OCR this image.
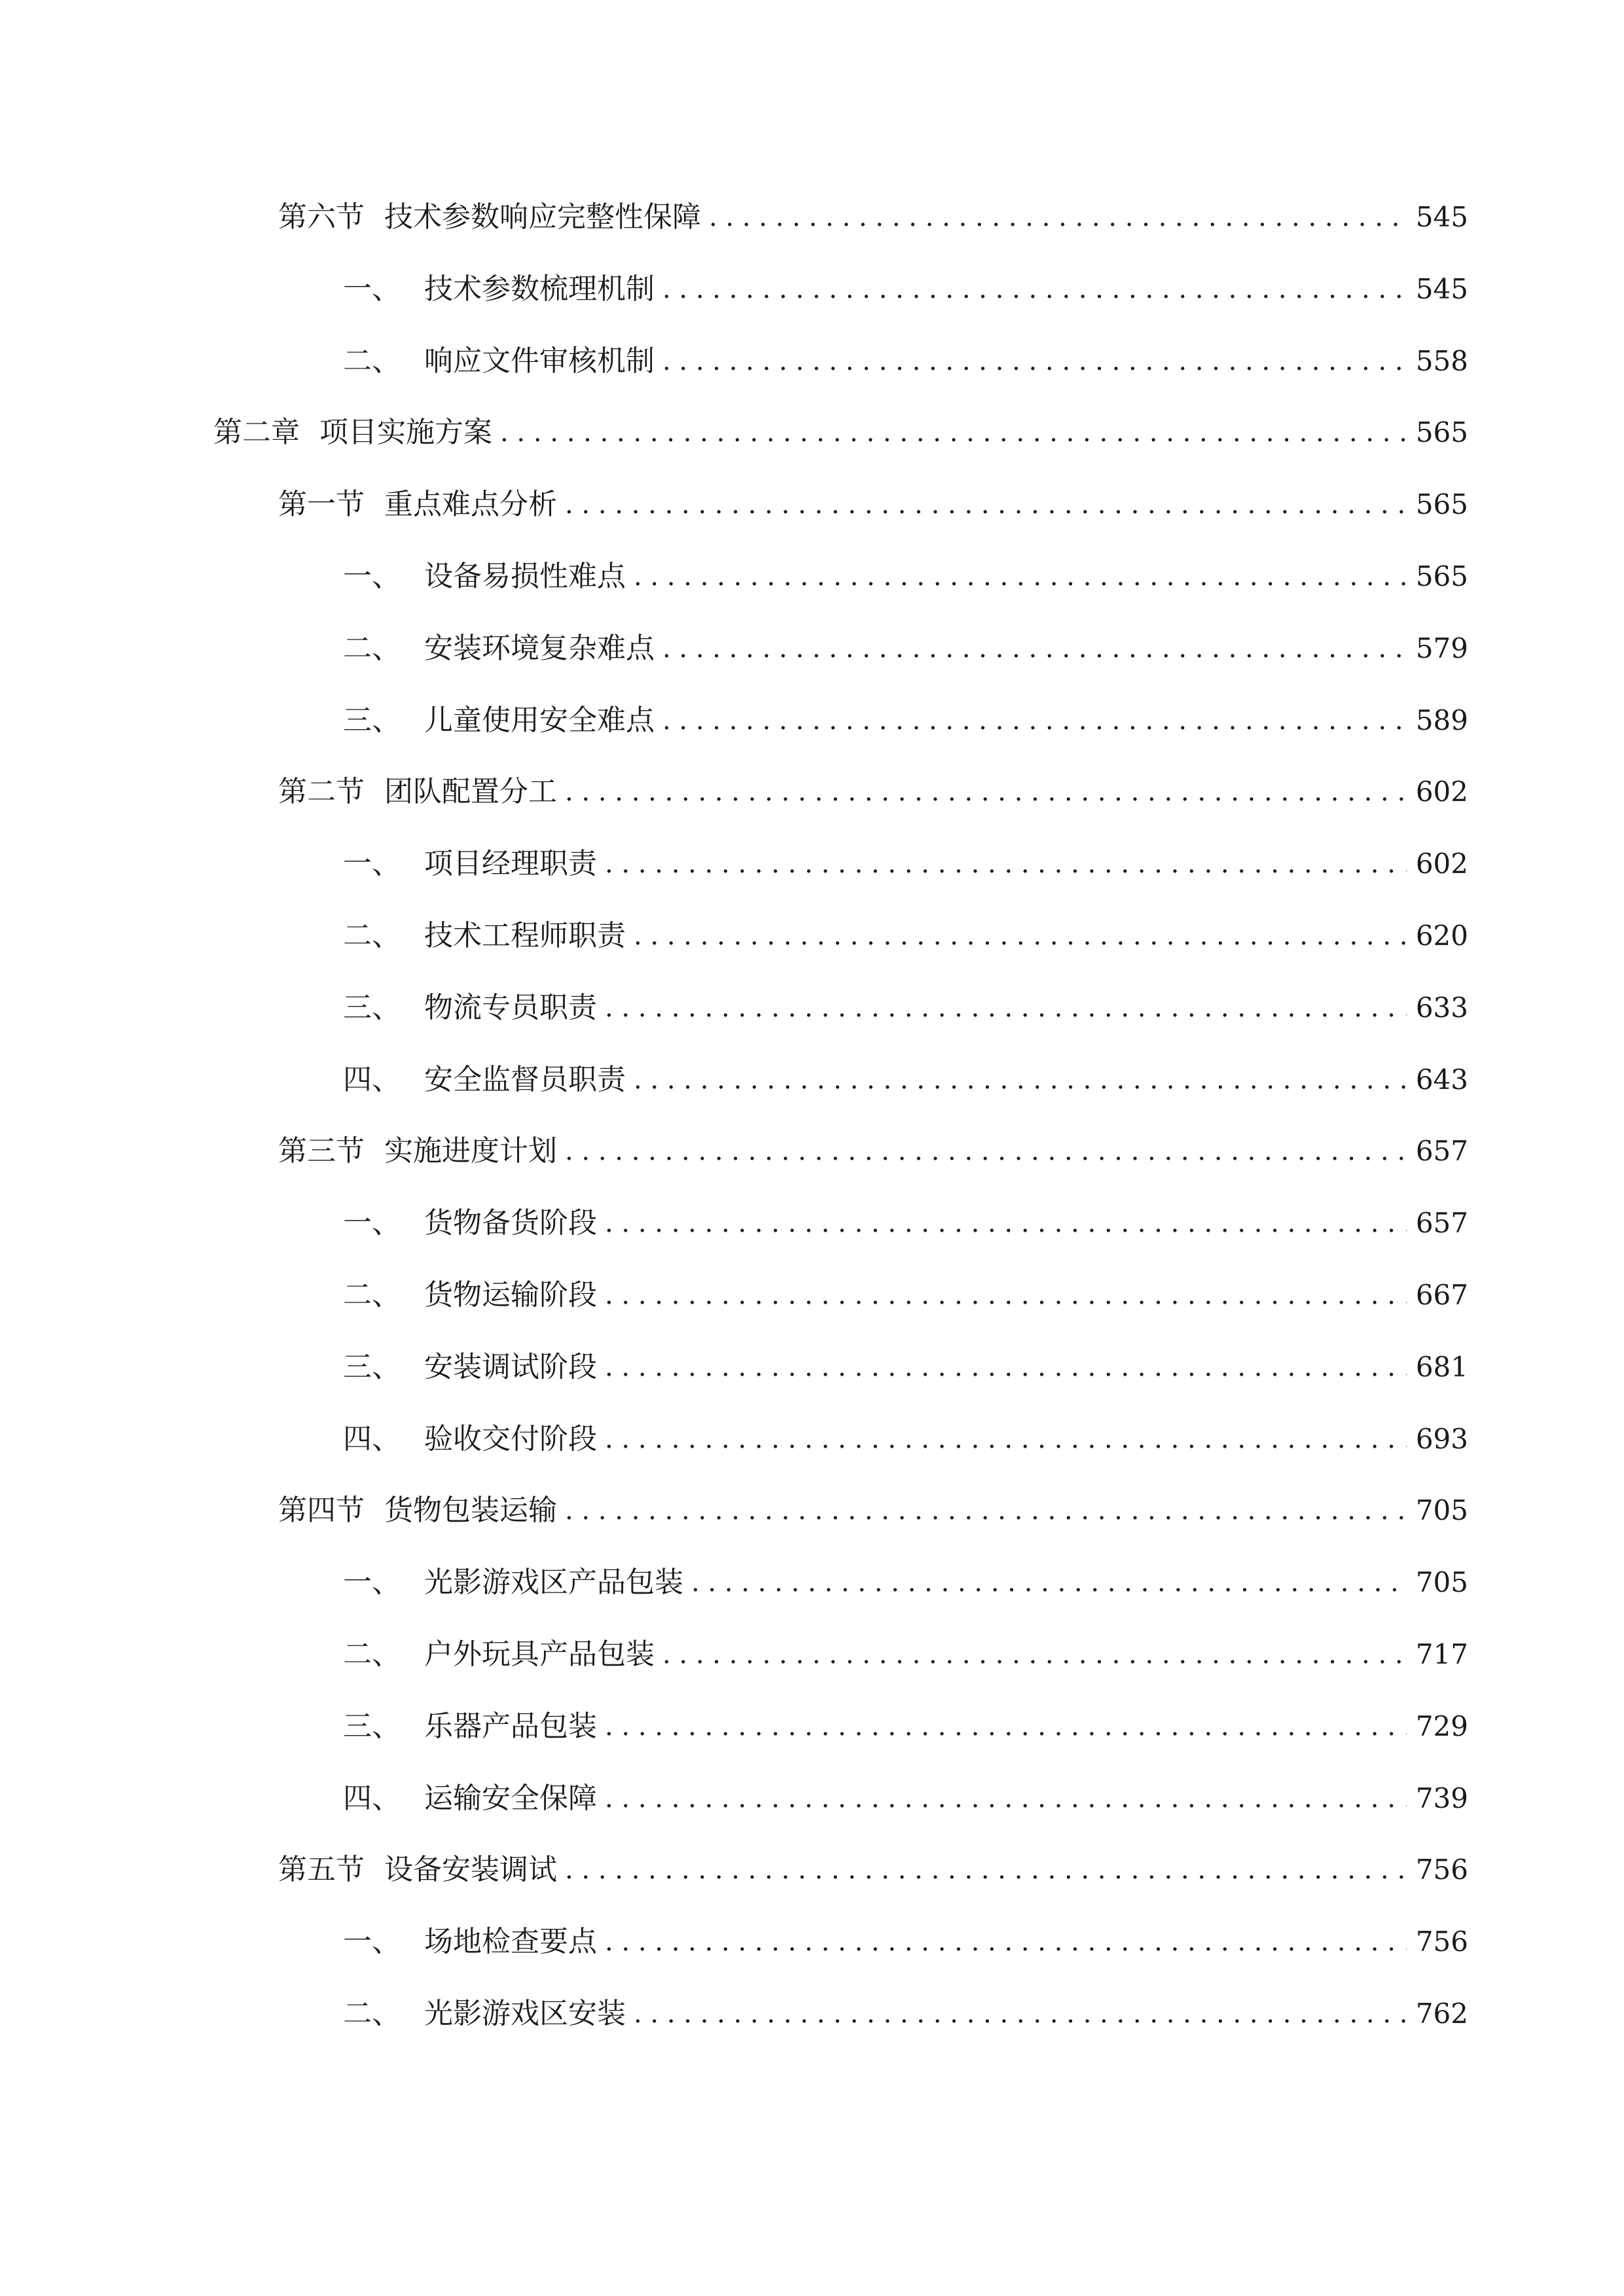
第六节 技术参数响应完整性保障 . . .	545
一、 技术参数梳理机制 . . .	545
二、 响应文件审核机制 . . .	558
第二章 项目实施方案 . . .	565
第一节 重点难点分析 . . .	565
一、 设备易损性难点 . . .	565
二、 安装环境复杂难点 . . .	579
三、 儿童使用安全难点 . . .	589
第二节 团队配置分工 . . .	602
一、 项目经理职责 . . .	602
二、 技术工程师职责 . . .	620
三、 物流专员职责 . . .	633
四、 安全监督员职责 . . .	643
第三节 实施进度计划 . . .	657
一、 货物备货阶段 . . .	657
二、 货物运输阶段 . . .	667
三、 安装调试阶段 . . .	681
四、 验收交付阶段 . . .	693
第四节 货物包装运输 . . .	705
一、 光影游戏区产品包装 . . .	705
二、 户外玩具产品包装 . . .	717
三、 乐器产品包装 . . .	729
四、 运输安全保障 . . .	739
第五节 设备安装调试 . . .	756
一、 场地检查要点 . . .	756
二、 光影游戏区安装 . . .	762
